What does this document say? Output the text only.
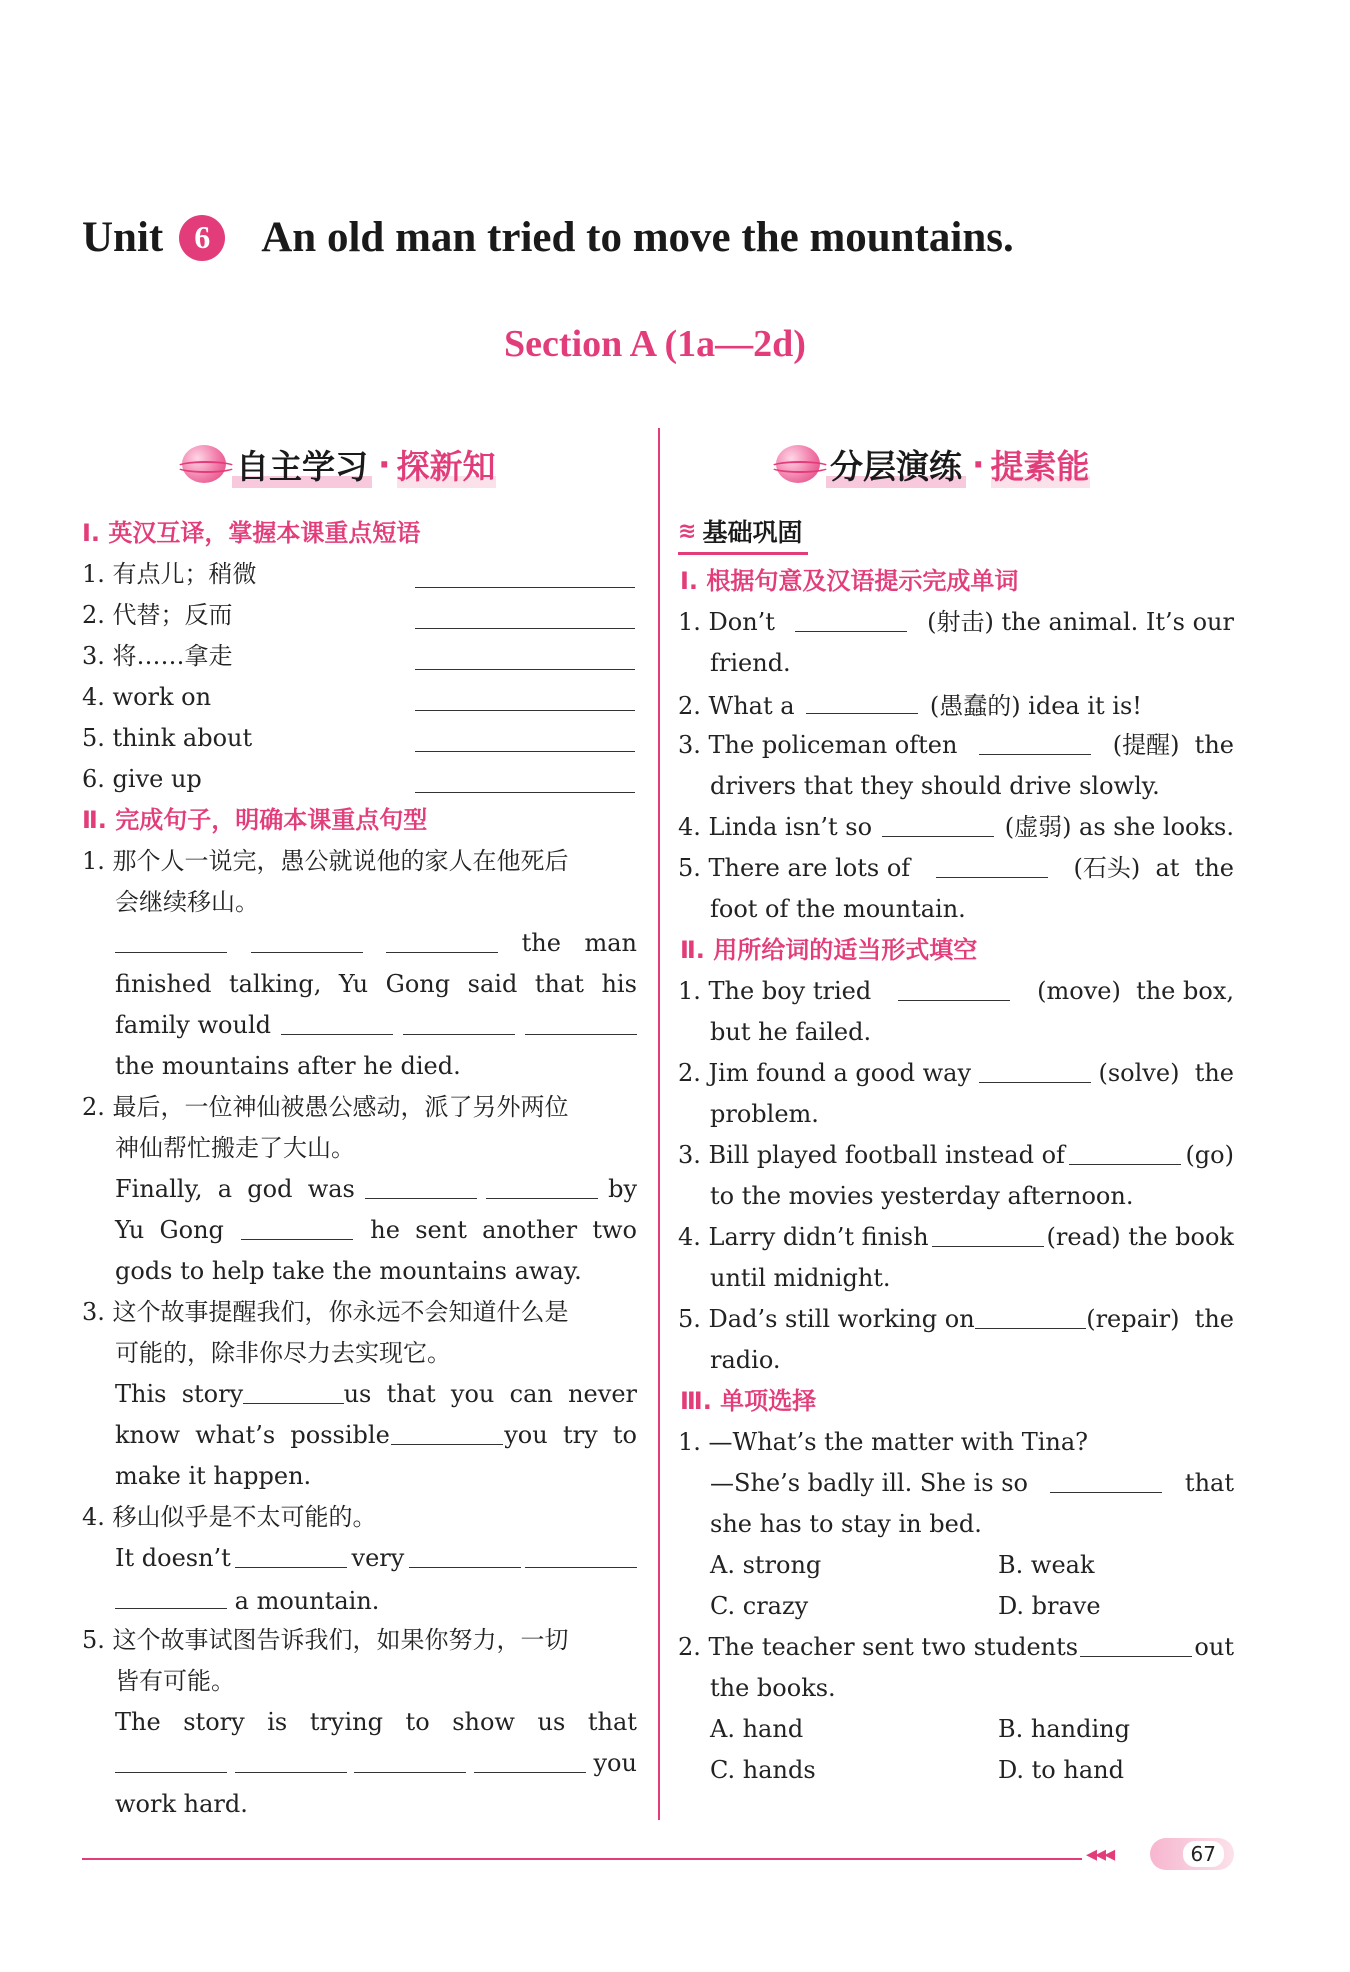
Unit 6	An old man tried to move the mountains.
Section A (1a—2d)
自主学习 · 探新知	分层演练 · 提素能
Ⅰ. 英汉互译，掌握本课重点短语
1. 有点儿；稍微
2. 代替；反而
3. 将……拿走
4. work on
5. think about
6. give up
Ⅱ. 完成句子，明确本课重点句型
1. 那个人一说完，愚公就说他的家人在他死后
会继续移山。
the man
finished talking, Yu Gong said that his
family would
the mountains after he died.
2. 最后，一位神仙被愚公感动，派了另外两位
神仙帮忙搬走了大山。
Finally,  a  god  was	by
Yu  Gong	he  sent  another  two
gods to help take the mountains away.
3. 这个故事提醒我们，你永远不会知道什么是
可能的，除非你尽力去实现它。
This  story	us  that  you  can  never
know  what’s  possible	you  try  to
make it happen.
4. 移山似乎是不太可能的。
It doesn’t	very
a mountain.
5. 这个故事试图告诉我们，如果你努力，一切
皆有可能。
The story is trying to show us that
you
work hard.
≋ 基础巩固
Ⅰ. 根据句意及汉语提示完成单词
1. Don’t	(射击) the animal. It’s our
friend.
2. What a	(愚蠢的) idea it is!
3. The policeman often	(提醒)  the
drivers that they should drive slowly.
4. Linda isn’t so	(虚弱) as she looks.
5. There are lots of	(石头)  at  the
foot of the mountain.
Ⅱ. 用所给词的适当形式填空
1. The boy tried	(move)  the box,
but he failed.
2. Jim found a good way	(solve)  the
problem.
3. Bill played football instead of	(go)
to the movies yesterday afternoon.
4. Larry didn’t finish	(read) the book
until midnight.
5. Dad’s still working on	(repair)  the
radio.
Ⅲ. 单项选择
1. —What’s the matter with Tina?
—She’s badly ill. She is so	that
she has to stay in bed.
A. strong	B. weak
C. crazy	D. brave
2. The teacher sent two students	out
the books.
A. hand	B. handing
C. hands	D. to hand
◂◂◂	67
